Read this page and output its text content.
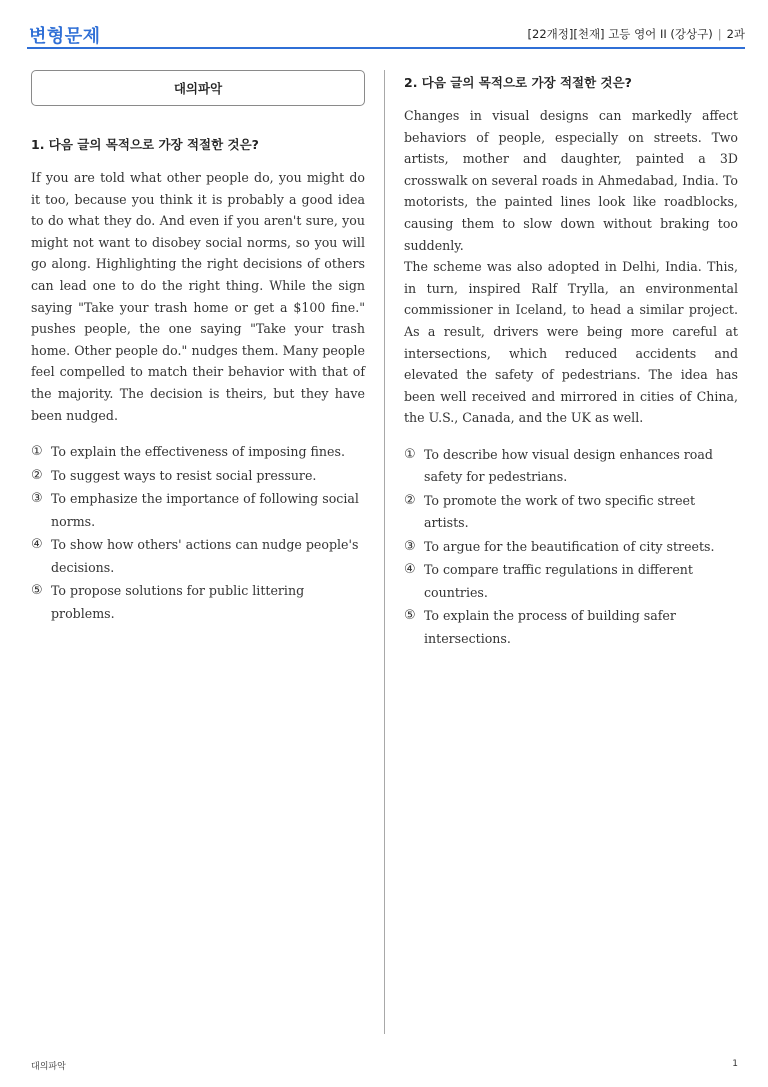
변형문제	[22개정][천재] 고등 영어 II (강상구) | 2과
대의파악
1. 다음 글의 목적으로 가장 적절한 것은?

If you are told what other people do, you might do it too, because you think it is probably a good idea to do what they do. And even if you aren't sure, you might not want to disobey social norms, so you will go along. Highlighting the right decisions of others can lead one to do the right thing. While the sign saying "Take your trash home or get a $100 fine." pushes people, the one saying "Take your trash home. Other people do." nudges them. Many people feel compelled to match their behavior with that of the majority. The decision is theirs, but they have been nudged.

① To explain the effectiveness of imposing fines.
② To suggest ways to resist social pressure.
③ To emphasize the importance of following social norms.
④ To show how others' actions can nudge people's decisions.
⑤ To propose solutions for public littering problems.
2. 다음 글의 목적으로 가장 적절한 것은?

Changes in visual designs can markedly affect behaviors of people, especially on streets. Two artists, mother and daughter, painted a 3D crosswalk on several roads in Ahmedabad, India. To motorists, the painted lines look like roadblocks, causing them to slow down without braking too suddenly.

The scheme was also adopted in Delhi, India. This, in turn, inspired Ralf Trylla, an environmental commissioner in Iceland, to head a similar project. As a result, drivers were being more careful at intersections, which reduced accidents and elevated the safety of pedestrians. The idea has been well received and mirrored in cities of China, the U.S., Canada, and the UK as well.

① To describe how visual design enhances road safety for pedestrians.
② To promote the work of two specific street artists.
③ To argue for the beautification of city streets.
④ To compare traffic regulations in different countries.
⑤ To explain the process of building safer intersections.
대의파악	1
